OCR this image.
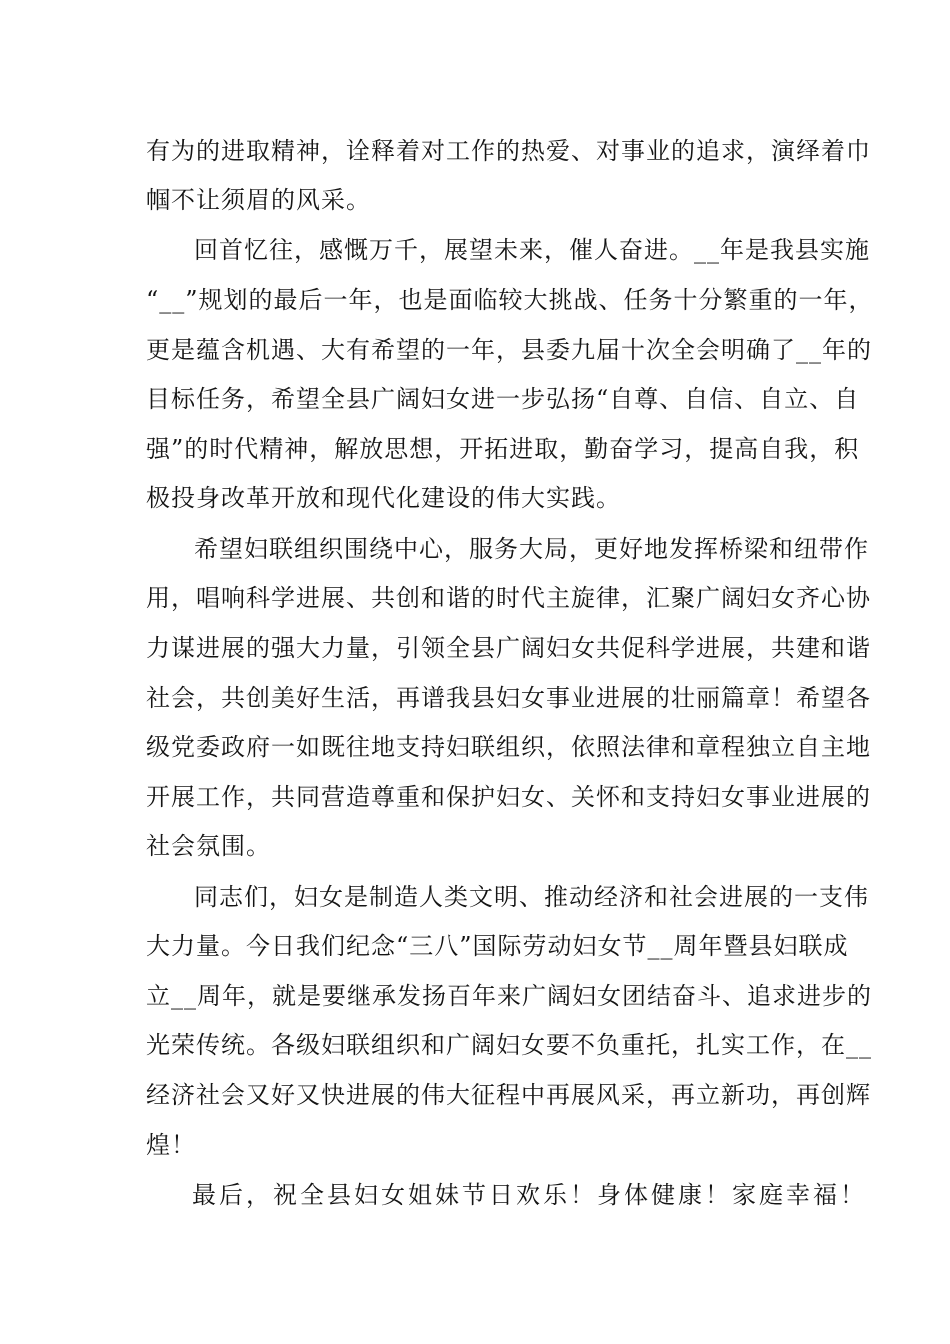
有为的进取精神，诠释着对工作的热爱、对事业的追求，演绎着巾
帼不让须眉的风采。
回首忆往，感慨万千，展望未来，催人奋进。__年是我县实施
“__”规划的最后一年，也是面临较大挑战、任务十分繁重的一年，
更是蕴含机遇、大有希望的一年，县委九届十次全会明确了__年的
目标任务，希望全县广阔妇女进一步弘扬“自尊、自信、自立、自
强”的时代精神，解放思想，开拓进取，勤奋学习，提高自我，积
极投身改革开放和现代化建设的伟大实践。
希望妇联组织围绕中心，服务大局，更好地发挥桥梁和纽带作
用，唱响科学进展、共创和谐的时代主旋律，汇聚广阔妇女齐心协
力谋进展的强大力量，引领全县广阔妇女共促科学进展，共建和谐
社会，共创美好生活，再谱我县妇女事业进展的壮丽篇章！希望各
级党委政府一如既往地支持妇联组织，依照法律和章程独立自主地
开展工作，共同营造尊重和保护妇女、关怀和支持妇女事业进展的
社会氛围。
同志们，妇女是制造人类文明、推动经济和社会进展的一支伟
大力量。今日我们纪念“三八”国际劳动妇女节__周年暨县妇联成
立__周年，就是要继承发扬百年来广阔妇女团结奋斗、追求进步的
光荣传统。各级妇联组织和广阔妇女要不负重托，扎实工作，在__
经济社会又好又快进展的伟大征程中再展风采，再立新功，再创辉
煌！
最后，祝全县妇女姐妹节日欢乐！身体健康！家庭幸福！
